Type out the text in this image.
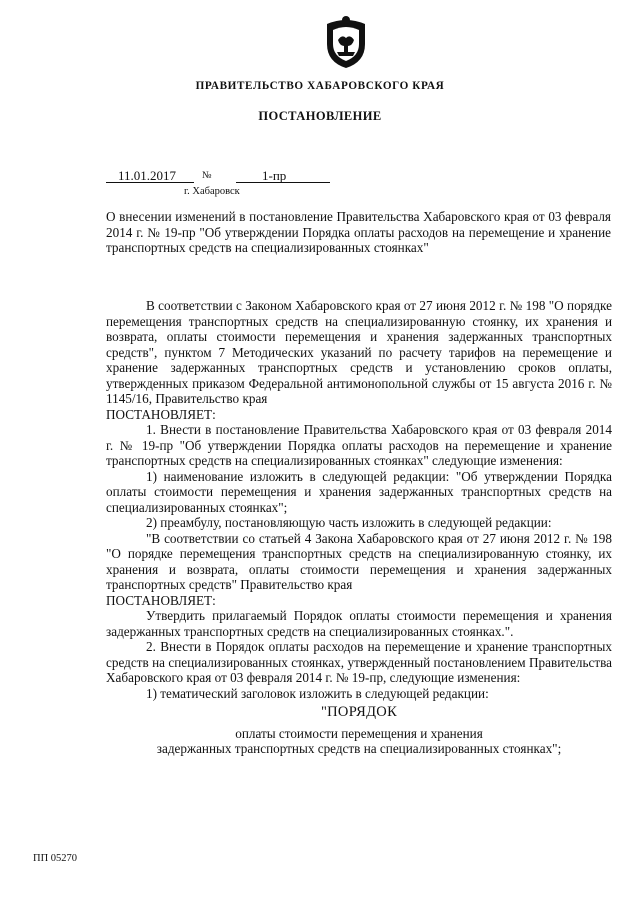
ПРАВИТЕЛЬСТВО ХАБАРОВСКОГО КРАЯ
ПОСТАНОВЛЕНИЕ
11.01.2017	№	1-пр
г. Хабаровск
О внесении изменений в постановление Правительства Хабаровского края от 03 февраля 2014 г. № 19-пр "Об утверждении Порядка оплаты расходов на перемещение и хранение транспортных средств на специализированных стоянках"

В соответствии с Законом Хабаровского края от 27 июня 2012 г. № 198 "О порядке перемещения транспортных средств на специализированную стоянку, их хранения и возврата, оплаты стоимости перемещения и хранения задержанных транспортных средств", пунктом 7 Методических указаний по расчету тарифов на перемещение и хранение задержанных транспортных средств и установлению сроков оплаты, утвержденных приказом Федеральной антимонопольной службы от 15 августа 2016 г. № 1145/16, Правительство края

ПОСТАНОВЛЯЕТ:

1. Внести в постановление Правительства Хабаровского края от 03 февраля 2014 г. № 19-пр "Об утверждении Порядка оплаты расходов на перемещение и хранение транспортных средств на специализированных стоянках" следующие изменения:

1) наименование изложить в следующей редакции: "Об утверждении Порядка оплаты стоимости перемещения и хранения задержанных транспортных средств на специализированных стоянках";

2) преамбулу, постановляющую часть изложить в следующей редакции:

"В соответствии со статьей 4 Закона Хабаровского края от 27 июня 2012 г. № 198 "О порядке перемещения транспортных средств на специализированную стоянку, их хранения и возврата, оплаты стоимости перемещения и хранения задержанных транспортных средств" Правительство края

ПОСТАНОВЛЯЕТ:

Утвердить прилагаемый Порядок оплаты стоимости перемещения и хранения задержанных транспортных средств на специализированных стоянках.".

2. Внести в Порядок оплаты расходов на перемещение и хранение транспортных средств на специализированных стоянках, утвержденный постановлением Правительства Хабаровского края от 03 февраля 2014 г. № 19-пр, следующие изменения:

1) тематический заголовок изложить в следующей редакции:

"ПОРЯДОК

оплаты стоимости перемещения и хранения

задержанных транспортных средств на специализированных стоянках";

ПП 05270
